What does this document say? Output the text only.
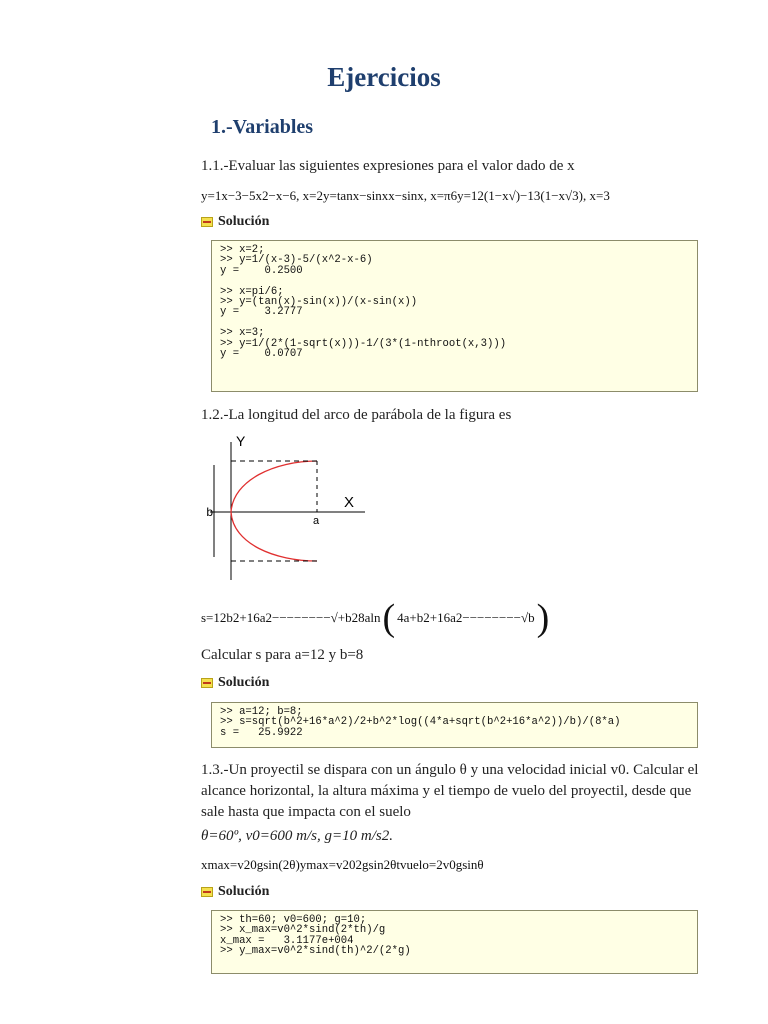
Ejercicios
1.-Variables
1.1.-Evaluar las siguientes expresiones para el valor dado de x
y=1x−3−5x2−x−6, x=2y=tanx−sinxx−sinx, x=π6y=12(1−x√)−13(1−x√3), x=3
Solución
>> x=2;
>> y=1/(x-3)-5/(x^2-x-6)
y =    0.2500
>> x=pi/6;
>> y=(tan(x)-sin(x))/(x-sin(x))
y =    3.2777
>> x=3;
>> y=1/(2*(1-sqrt(x)))-1/(3*(1-nthroot(x,3)))
y =    0.0707
1.2.-La longitud del arco de parábola de la figura es
Y
X
a
b
s=12b2+16a2−−−−−−−−√+b28aln ( 4a+b2+16a2−−−−−−−−√b )
Calcular s para a=12 y b=8
Solución
>> a=12; b=8;
>> s=sqrt(b^2+16*a^2)/2+b^2*log((4*a+sqrt(b^2+16*a^2))/b)/(8*a)
s =   25.9922
1.3.-Un proyectil se dispara con un ángulo θ y una velocidad inicial v0. Calcular el alcance horizontal, la altura máxima y el tiempo de vuelo del proyectil, desde que sale hasta que impacta con el suelo
θ=60º, v0=600 m/s, g=10 m/s2.
xmax=v20gsin(2θ)ymax=v202gsin2θtvuelo=2v0gsinθ
Solución
>> th=60; v0=600; g=10;
>> x_max=v0^2*sind(2*th)/g
x_max =   3.1177e+004
>> y_max=v0^2*sind(th)^2/(2*g)
